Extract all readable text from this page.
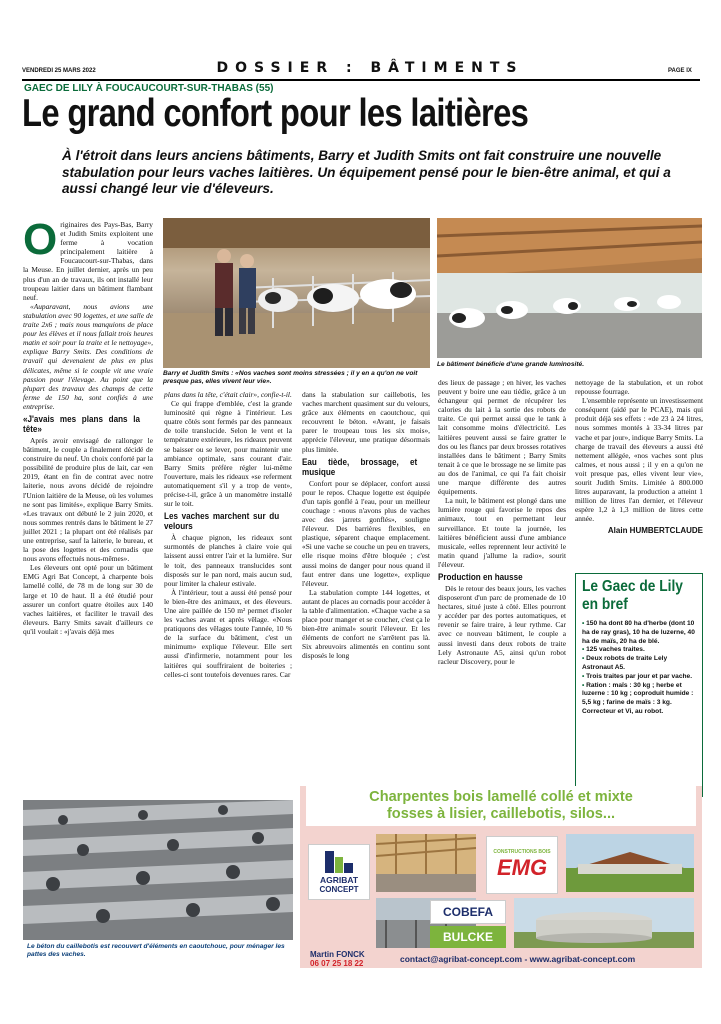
VENDREDI 25 MARS 2022	DOSSIER : BÂTIMENTS	PAGE IX
GAEC DE LILY À FOUCAUCOURT-SUR-THABAS (55)
Le grand confort pour les laitières
À l'étroit dans leurs anciens bâtiments, Barry et Judith Smits ont fait construire une nouvelle stabulation pour leurs vaches laitières. Un équipement pensé pour le bien-être animal, et qui a aussi changé leur vie d'éleveurs.
Barry et Judith Smits : «Nos vaches sont moins stressées ; il y en a qu'on ne voit presque pas, elles vivent leur vie».
Le bâtiment bénéficie d'une grande luminosité.
O riginaires des Pays-Bas, Barry et Judith Smits exploitent une ferme à vocation principalement laitière à Foucaucourt-sur-Thabas, dans la Meuse. En juillet dernier, après un peu plus d'un an de travaux, ils ont installé leur troupeau laitier dans un bâtiment flambant neuf.

«Auparavant, nous avions une stabulation avec 90 logettes, et une salle de traite 2x6 ; mais nous manquions de place pour les élèves et il nous fallait trois heures matin et soir pour la traite et le nettoyage», explique Barry Smits. Des conditions de travail qui devenaient de plus en plus délicates, même si le couple vit une vraie passion pour l'élevage. Au point que la plupart des travaux des champs de cette ferme de 150 ha, sont confiés à une entreprise.

«J'avais mes plans dans la tête»

Après avoir envisagé de rallonger le bâtiment, le couple a finalement décidé de construire du neuf. Un choix conforté par la possibilité de produire plus de lait, car «en 2019, étant en fin de contrat avec notre laiterie, nous avons décidé de rejoindre l'Union laitière de la Meuse, où les volumes ne sont pas limités», explique Barry Smits. «Les travaux ont débuté le 2 juin 2020, et nous sommes rentrés dans le bâtiment le 27 juillet 2021 ; la plupart ont été réalisés par une entreprise, sauf la laiterie, le bureau, et la pose des logettes et des cornadis que nous avons effectués nous-mêmes».

Les éleveurs ont opté pour un bâtiment EMG Agri Bat Concept, à charpente bois lamellé collé, de 78 m de long sur 30 de large et 10 de haut. Il a été étudié pour assurer un confort quatre étoiles aux 140 vaches laitières, et faciliter le travail des éleveurs. Barry Smits savait d'ailleurs ce qu'il voulait : «j'avais déjà mes

plans dans la tête, c'était clair», confie-t-il.

Ce qui frappe d'emblée, c'est la grande luminosité qui règne à l'intérieur. Les quatre côtés sont fermés par des panneaux de toile translucide. Selon le vent et la température extérieure, les rideaux peuvent se baisser ou se lever, pour maintenir une ambiance optimale, sans courant d'air. Barry Smits préfère régler lui-même l'ouverture, mais les rideaux «se referment automatiquement s'il y a trop de vent», précise-t-il, grâce à un manomètre installé sur le toit.

Les vaches marchent sur du velours

À chaque pignon, les rideaux sont surmontés de planches à claire voie qui laissent aussi entrer l'air et la lumière. Sur le toit, des panneaux translucides sont disposés sur le pan nord, mais aucun sud, pour limiter la chaleur estivale.

À l'intérieur, tout a aussi été pensé pour le bien-être des animaux, et des éleveurs. Une aire paillée de 150 m² permet d'isoler les vaches avant et après vêlage. «Nous pratiquons des vêlages toute l'année, 10 % de la surface du bâtiment, c'est un minimum» explique l'éleveur. Elle sert aussi d'infirmerie, notamment pour les laitières qui souffriraient de boiteries ; celles-ci sont toutefois devenues rares. Car

dans la stabulation sur caillebotis, les vaches marchent quasiment sur du velours, grâce aux éléments en caoutchouc, qui recouvrent le béton. «Avant, je faisais parer le troupeau tous les six mois», apprécie l'éleveur, une pratique désormais plus limitée.

Eau tiède, brossage, et musique

Confort pour se déplacer, confort aussi pour le repos. Chaque logette est équipée d'un tapis gonflé à l'eau, pour un meilleur couchage : «nous n'avons plus de vaches avec des jarrets gonflés», souligne l'éleveur. Des barrières flexibles, en plastique, séparent chaque emplacement. «Si une vache se couche un peu en travers, elle risque moins d'être bloquée ; c'est aussi moins de danger pour nous quand il faut entrer dans une logette», explique l'éleveur.

La stabulation compte 144 logettes, et autant de places au cornadis pour accéder à la table d'alimentation. «Chaque vache a sa place pour manger et se coucher, c'est ça le bien-être animal» sourit l'éleveur. Et les éléments de confort ne s'arrêtent pas là. Six abreuvoirs alimentés en continu sont disposés le long

des lieux de passage ; en hiver, les vaches peuvent y boire une eau tiédie, grâce à un échangeur qui permet de récupérer les calories du lait à la sortie des robots de traite. Ce qui permet aussi que le tank à lait consomme moins d'électricité. Les laitières peuvent aussi se faire gratter le dos ou les flancs par deux brosses rotatives installées dans le bâtiment ; Barry Smits tenait à ce que le brossage ne se limite pas au dos de l'animal, ce qui l'a fait choisir une marque différente des autres équipements.

La nuit, le bâtiment est plongé dans une lumière rouge qui favorise le repos des animaux, tout en permettant leur surveillance. Et toute la journée, les laitières bénéficient aussi d'une ambiance musicale, «elles reprennent leur activité le matin quand j'allume la radio», sourit l'éleveur.

Production en hausse

Dès le retour des beaux jours, les vaches disposeront d'un parc de promenade de 10 hectares, situé juste à côté. Elles pourront y accéder par des portes automatiques, et revenir se faire traire, à leur rythme. Car avec ce nouveau bâtiment, le couple a aussi investi dans deux robots de traite Lely Astronaute A5, ainsi qu'un robot racleur Discovery, pour le

nettoyage de la stabulation, et un robot repousse fourrage.

L'ensemble représente un investissement conséquent (aidé par le PCAE), mais qui produit déjà ses effets : «de 23 à 24 litres, nous sommes montés à 33-34 litres par vache et par jour», indique Barry Smits. La charge de travail des éleveurs a aussi été nettement allégée, «nos vaches sont plus calmes, et nous aussi ; il y en a qu'on ne voit presque pas, elles vivent leur vie», sourit Judith Smits. Limitée à 800.000 litres auparavant, la production a atteint 1 million de litres l'an dernier, et l'éleveur espère 1,2 à 1,3 million de litres cette année.

Alain HUMBERTCLAUDE
Le Gaec de Lily
en bref
• 150 ha dont 80 ha d'herbe (dont 10 ha de ray gras), 10 ha de luzerne, 40 ha de maïs, 20 ha de blé.
• 125 vaches traites.
• Deux robots de traite Lely Astronaut A5.
• Trois traites par jour et par vache.
• Ration : maïs : 30 kg ; herbe et luzerne : 10 kg ; coproduit humide : 5,5 kg ; farine de maïs : 3 kg. Correcteur et Vi, au robot.
Le béton du caillebotis est recouvert d'éléments en caoutchouc, pour ménager les pattes des vaches.
Charpentes bois lamellé collé et mixte
fosses à lisier, caillebotis, silos...
AGRIBAT
CONCEPT
CONSTRUCTIONS BOIS
EMG
COBEFA
BULCKE
Martin FONCK
06 07 25 18 22	contact@agribat-concept.com - www.agribat-concept.com
